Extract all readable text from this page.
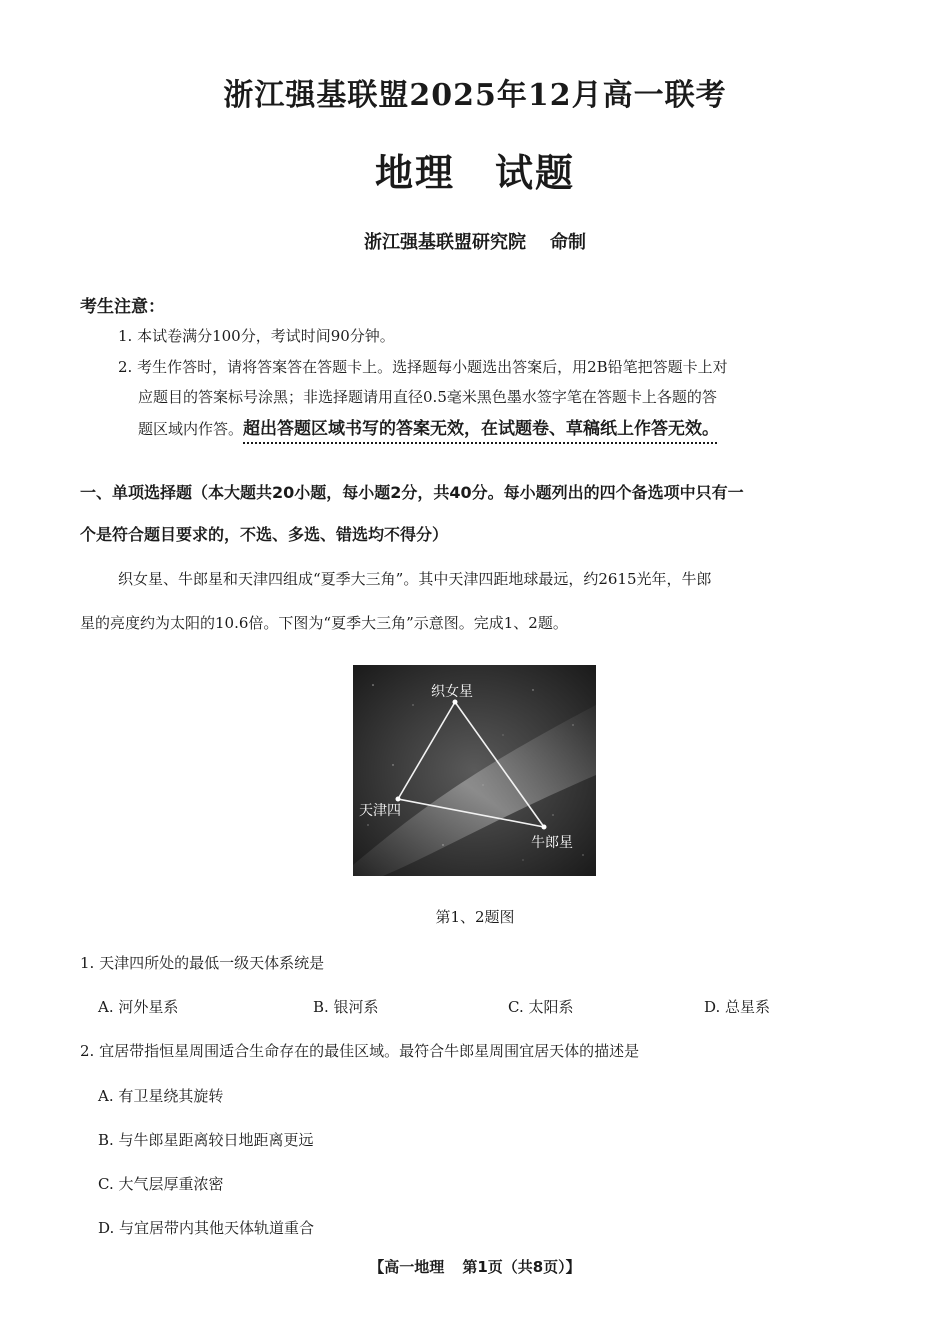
浙江强基联盟2025年12月高一联考
地理 试题
浙江强基联盟研究院 命制
考生注意：
1. 本试卷满分100分，考试时间90分钟。
2. 考生作答时，请将答案答在答题卡上。选择题每小题选出答案后，用2B铅笔把答题卡上对
应题目的答案标号涂黑；非选择题请用直径0.5毫米黑色墨水签字笔在答题卡上各题的答
题区域内作答。超出答题区域书写的答案无效，在试题卷、草稿纸上作答无效。
一、单项选择题（本大题共20小题，每小题2分，共40分。每小题列出的四个备选项中只有一
个是符合题目要求的，不选、多选、错选均不得分）
织女星、牛郎星和天津四组成“夏季大三角”。其中天津四距地球最远，约2615光年，牛郎
星的亮度约为太阳的10.6倍。下图为“夏季大三角”示意图。完成1、2题。
织女星
天津四
牛郎星
第1、2题图
1. 天津四所处的最低一级天体系统是
A. 河外星系	B. 银河系	C. 太阳系	D. 总星系
2. 宜居带指恒星周围适合生命存在的最佳区域。最符合牛郎星周围宜居天体的描述是
A. 有卫星绕其旋转
B. 与牛郎星距离较日地距离更远
C. 大气层厚重浓密
D. 与宜居带内其他天体轨道重合
【高一地理 第1页（共8页）】
